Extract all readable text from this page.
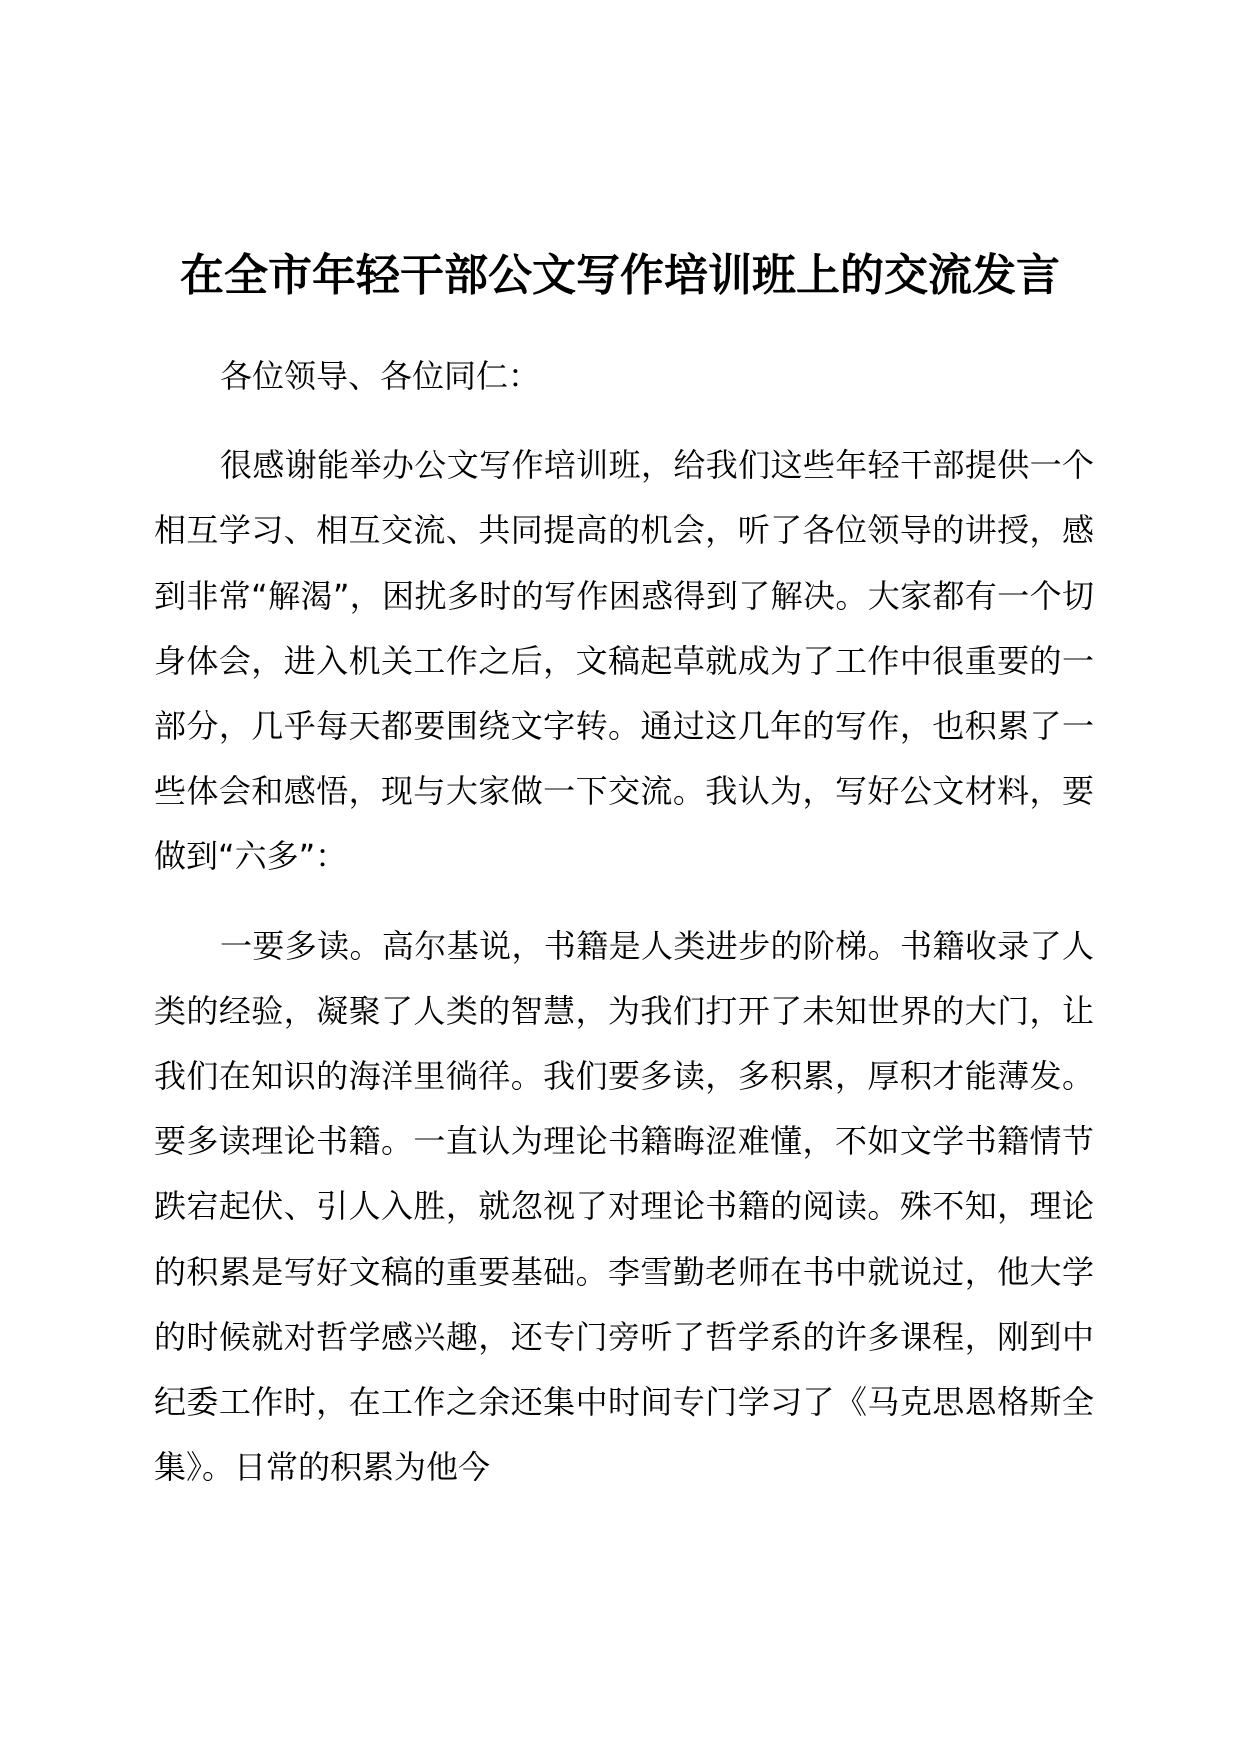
在全市年轻干部公文写作培训班上的交流发言

各位领导、各位同仁：

很感谢能举办公文写作培训班，给我们这些年轻干部提供一个相互学习、相互交流、共同提高的机会，听了各位领导的讲授，感到非常“解渴”，困扰多时的写作困惑得到了解决。大家都有一个切身体会，进入机关工作之后，文稿起草就成为了工作中很重要的一部分，几乎每天都要围绕文字转。通过这几年的写作，也积累了一些体会和感悟，现与大家做一下交流。我认为，写好公文材料，要做到“六多”：

一要多读。高尔基说，书籍是人类进步的阶梯。书籍收录了人类的经验，凝聚了人类的智慧，为我们打开了未知世界的大门，让我们在知识的海洋里徜徉。我们要多读，多积累，厚积才能薄发。要多读理论书籍。一直认为理论书籍晦涩难懂，不如文学书籍情节跌宕起伏、引人入胜，就忽视了对理论书籍的阅读。殊不知，理论的积累是写好文稿的重要基础。李雪勤老师在书中就说过，他大学的时候就对哲学感兴趣，还专门旁听了哲学系的许多课程，刚到中纪委工作时，在工作之余还集中时间专门学习了《马克思恩格斯全集》。日常的积累为他今
